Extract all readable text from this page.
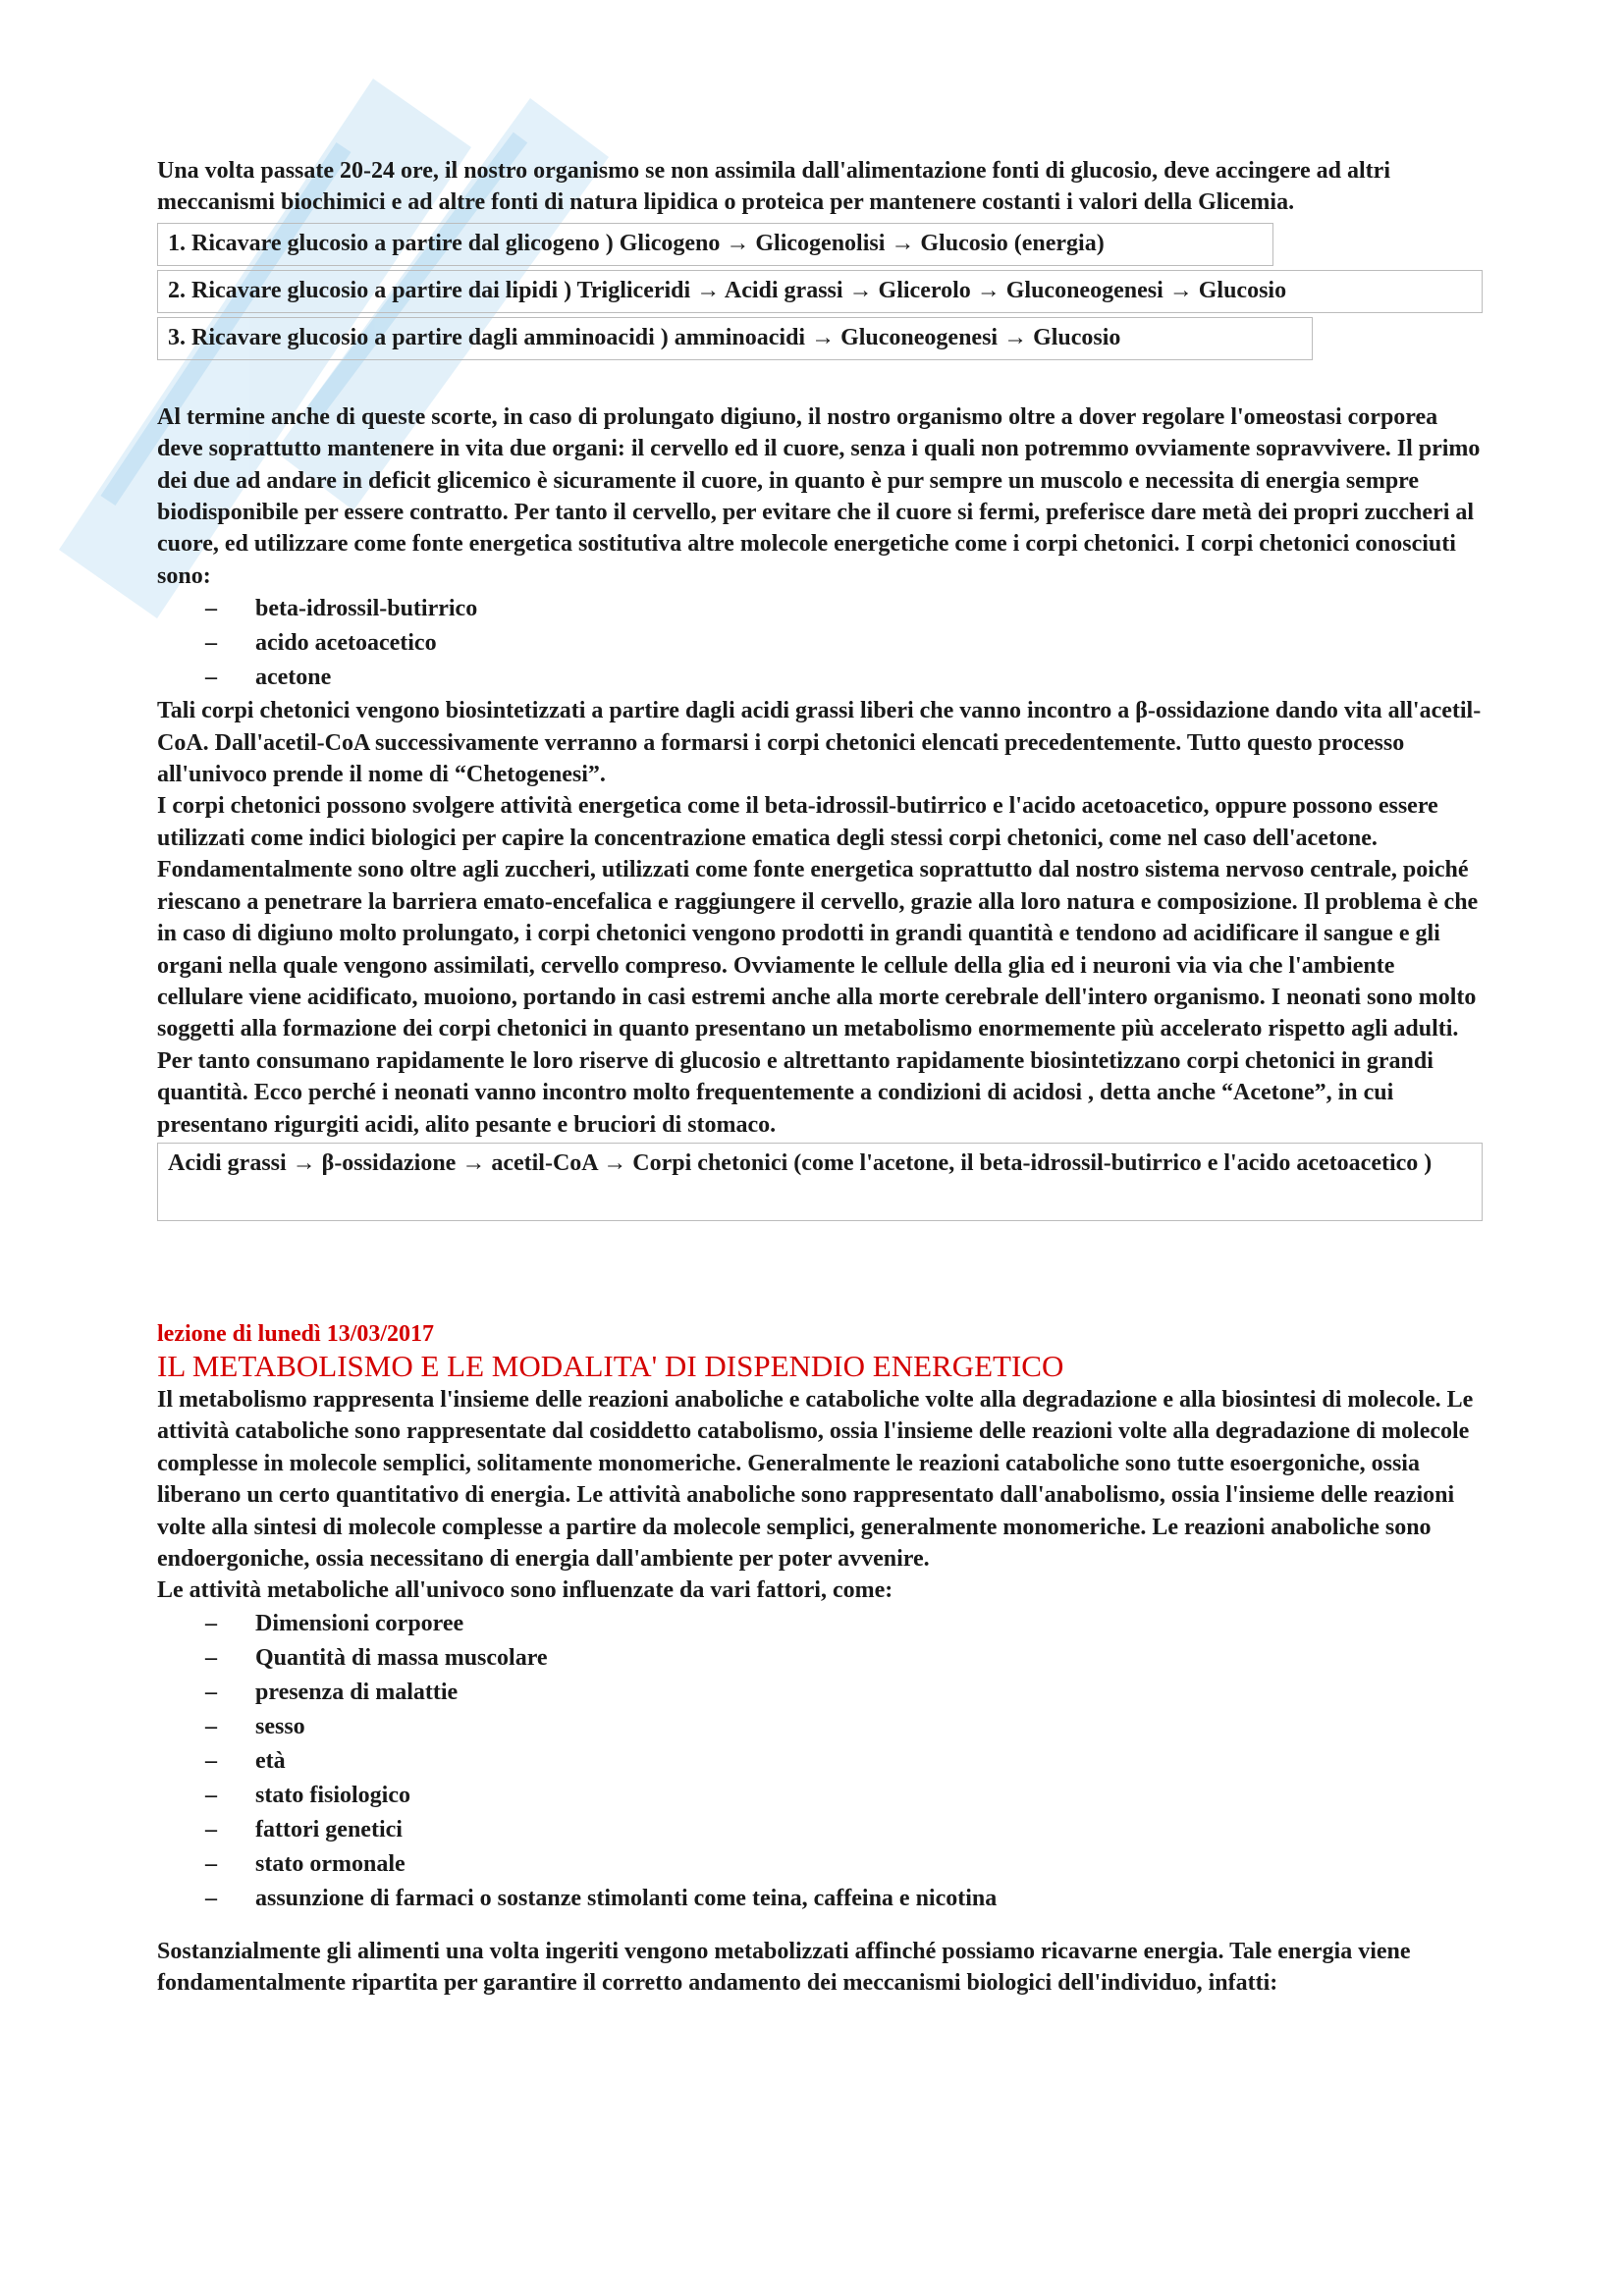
Una volta passate 20-24 ore, il nostro organismo se non assimila dall'alimentazione fonti di glucosio, deve accingere ad altri meccanismi biochimici e ad altre fonti di natura lipidica o proteica per mantenere costanti i valori della Glicemia.

1. Ricavare glucosio a partire dal glicogeno ) Glicogeno → Glicogenolisi → Glucosio (energia)
2. Ricavare glucosio a partire dai lipidi ) Trigliceridi → Acidi grassi → Glicerolo → Gluconeogenesi → Glucosio
3. Ricavare glucosio a partire dagli amminoacidi ) amminoacidi → Gluconeogenesi → Glucosio

Al termine anche di queste scorte, in caso di prolungato digiuno, il nostro organismo oltre a dover regolare l'omeostasi corporea deve soprattutto mantenere in vita due organi: il cervello ed il cuore, senza i quali non potremmo ovviamente sopravvivere. Il primo dei due ad andare in deficit glicemico è sicuramente il cuore, in quanto è pur sempre un muscolo e necessita di energia sempre biodisponibile per essere contratto. Per tanto il cervello, per evitare che il cuore si fermi, preferisce dare metà dei propri zuccheri al cuore, ed utilizzare come fonte energetica sostitutiva altre molecole energetiche come i corpi chetonici. I corpi chetonici conosciuti sono:

– beta-idrossil-butirrico
– acido acetoacetico
– acetone

Tali corpi chetonici vengono biosintetizzati a partire dagli acidi grassi liberi che vanno incontro a β-ossidazione dando vita all'acetil-CoA. Dall'acetil-CoA successivamente verranno a formarsi i corpi chetonici elencati precedentemente. Tutto questo processo all'univoco prende il nome di “Chetogenesi”.

I corpi chetonici possono svolgere attività energetica come il beta-idrossil-butirrico e l'acido acetoacetico, oppure possono essere utilizzati come indici biologici per capire la concentrazione ematica degli stessi corpi chetonici, come nel caso dell'acetone. Fondamentalmente sono oltre agli zuccheri, utilizzati come fonte energetica soprattutto dal nostro sistema nervoso centrale, poiché riescano a penetrare la barriera emato-encefalica e raggiungere il cervello, grazie alla loro natura e composizione. Il problema è che in caso di digiuno molto prolungato, i corpi chetonici vengono prodotti in grandi quantità e tendono ad acidificare il sangue e gli organi nella quale vengono assimilati, cervello compreso. Ovviamente le cellule della glia ed i neuroni via via che l'ambiente cellulare viene acidificato, muoiono, portando in casi estremi anche alla morte cerebrale dell'intero organismo. I neonati sono molto soggetti alla formazione dei corpi chetonici in quanto presentano un metabolismo enormemente più accelerato rispetto agli adulti. Per tanto consumano rapidamente le loro riserve di glucosio e altrettanto rapidamente biosintetizzano corpi chetonici in grandi quantità. Ecco perché i neonati vanno incontro molto frequentemente a condizioni di acidosi , detta anche “Acetone”, in cui presentano rigurgiti acidi, alito pesante e bruciori di stomaco.

Acidi grassi → β-ossidazione → acetil-CoA → Corpi chetonici (come l'acetone, il beta-idrossil-butirrico e l'acido acetoacetico )

lezione di lunedì 13/03/2017

IL METABOLISMO E LE MODALITA' DI DISPENDIO ENERGETICO

Il metabolismo rappresenta l'insieme delle reazioni anaboliche e cataboliche volte alla degradazione e alla biosintesi di molecole. Le attività cataboliche sono rappresentate dal cosiddetto catabolismo, ossia l'insieme delle reazioni volte alla degradazione di molecole complesse in molecole semplici, solitamente monomeriche. Generalmente le reazioni cataboliche sono tutte esoergoniche, ossia liberano un certo quantitativo di energia. Le attività anaboliche sono rappresentato dall'anabolismo, ossia l'insieme delle reazioni volte alla sintesi di molecole complesse a partire da molecole semplici, generalmente monomeriche. Le reazioni anaboliche sono endoergoniche, ossia necessitano di energia dall'ambiente per poter avvenire.

Le attività metaboliche all'univoco sono influenzate da vari fattori, come:

– Dimensioni corporee
– Quantità di massa muscolare
– presenza di malattie
– sesso
– età
– stato fisiologico
– fattori genetici
– stato ormonale
– assunzione di farmaci o sostanze stimolanti come teina, caffeina e nicotina

Sostanzialmente gli alimenti una volta ingeriti vengono metabolizzati affinché possiamo ricavarne energia. Tale energia viene fondamentalmente ripartita per garantire il corretto andamento dei meccanismi biologici dell'individuo, infatti:
